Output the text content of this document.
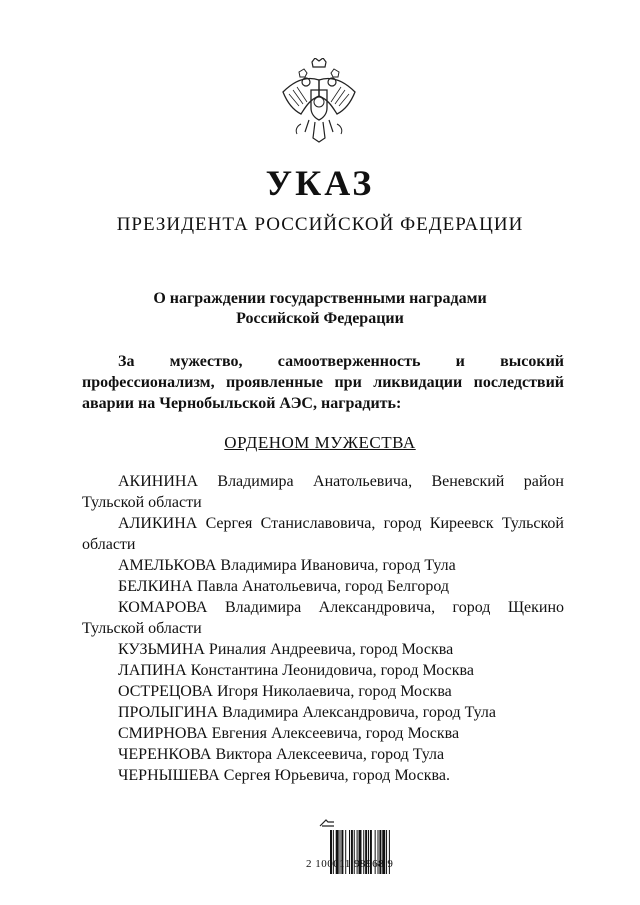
УКАЗ
ПРЕЗИДЕНТА РОССИЙСКОЙ ФЕДЕРАЦИИ
О награждении государственными наградами
Российской Федерации
За мужество, самоотверженность и высокий
профессионализм, проявленные при ликвидации последствий
аварии на Чернобыльской АЭС, наградить:
ОРДЕНОМ МУЖЕСТВА
АКИНИНА Владимира Анатольевича, Веневский район
Тульской области
АЛИКИНА Сергея Станиславовича, город Киреевск Тульской
области
АМЕЛЬКОВА Владимира Ивановича, город Тула
БЕЛКИНА Павла Анатольевича, город Белгород
КОМАРОВА Владимира Александровича, город Щекино
Тульской области
КУЗЬМИНА Риналия Андреевича, город Москва
ЛАПИНА Константина Леонидовича, город Москва
ОСТРЕЦОВА Игоря Николаевича, город Москва
ПРОЛЫГИНА Владимира Александровича, город Тула
СМИРНОВА Евгения Алексеевича, город Москва
ЧЕРЕНКОВА Виктора Алексеевича, город Тула
ЧЕРНЫШЕВА Сергея Юрьевича, город Москва.
2 100011 98968 9
